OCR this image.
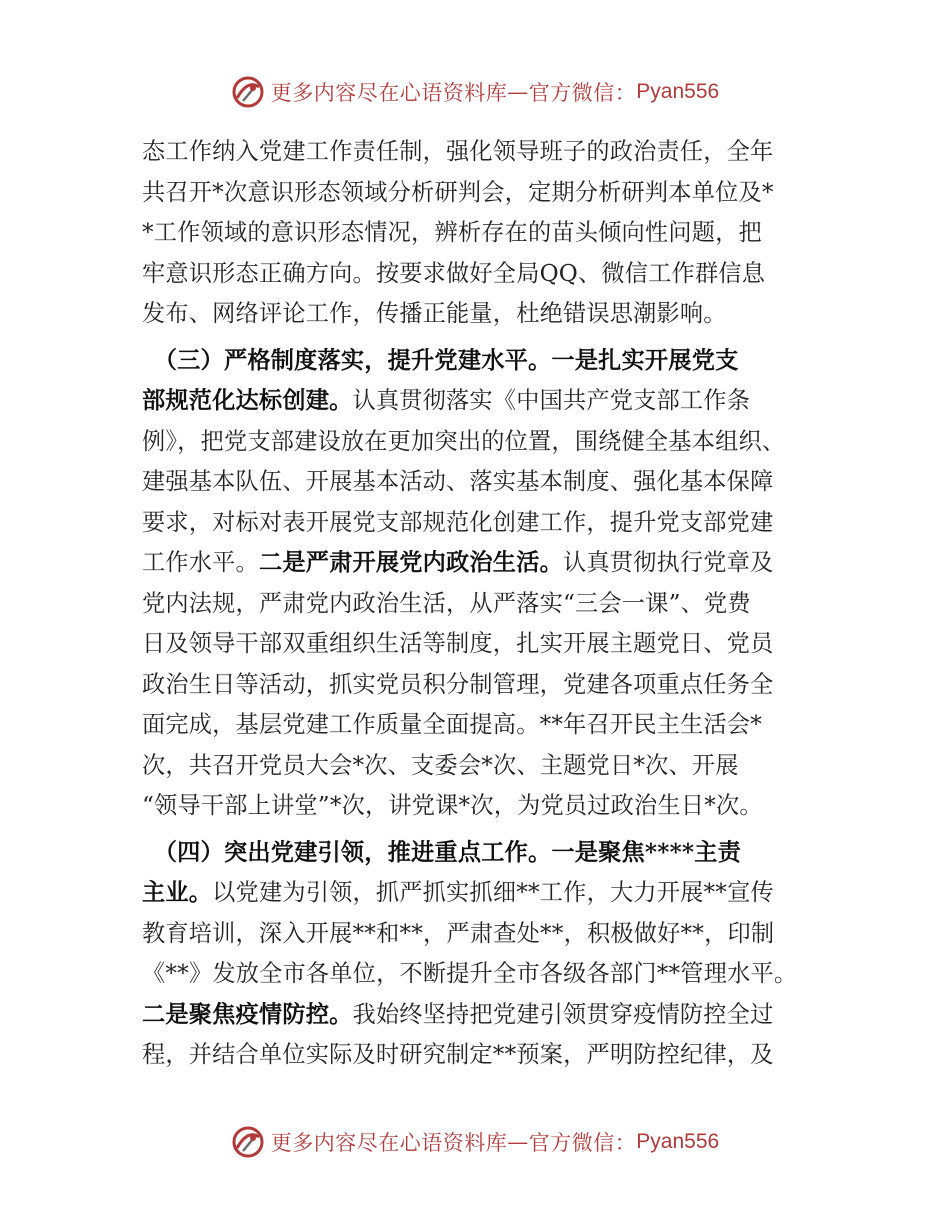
更多内容尽在心语资料库 — 官方微信： Pyan556
态工作纳入党建工作责任制，强化领导班子的政治责任，全年
共召开*次意识形态领域分析研判会，定期分析研判本单位及*
*工作领域的意识形态情况，辨析存在的苗头倾向性问题，把
牢意识形态正确方向。按要求做好全局QQ、微信工作群信息
发布、网络评论工作，传播正能量，杜绝错误思潮影响。
　（三）严格制度落实，提升党建水平。一是扎实开展党支
部规范化达标创建。认真贯彻落实《中国共产党支部工作条
例》，把党支部建设放在更加突出的位置，围绕健全基本组织、
建强基本队伍、开展基本活动、落实基本制度、强化基本保障
要求，对标对表开展党支部规范化创建工作，提升党支部党建
工作水平。二是严肃开展党内政治生活。认真贯彻执行党章及
党内法规，严肃党内政治生活，从严落实“三会一课”、党费
日及领导干部双重组织生活等制度，扎实开展主题党日、党员
政治生日等活动，抓实党员积分制管理，党建各项重点任务全
面完成，基层党建工作质量全面提高。**年召开民主生活会*
次，共召开党员大会*次、支委会*次、主题党日*次、开展
“领导干部上讲堂”*次，讲党课*次，为党员过政治生日*次。
　（四）突出党建引领，推进重点工作。一是聚焦****主责
主业。以党建为引领，抓严抓实抓细**工作，大力开展**宣传
教育培训，深入开展**和**，严肃查处**，积极做好**，印制
《**》发放全市各单位，不断提升全市各级各部门**管理水平。
二是聚焦疫情防控。我始终坚持把党建引领贯穿疫情防控全过
程，并结合单位实际及时研究制定**预案，严明防控纪律，及
更多内容尽在心语资料库 — 官方微信： Pyan556
